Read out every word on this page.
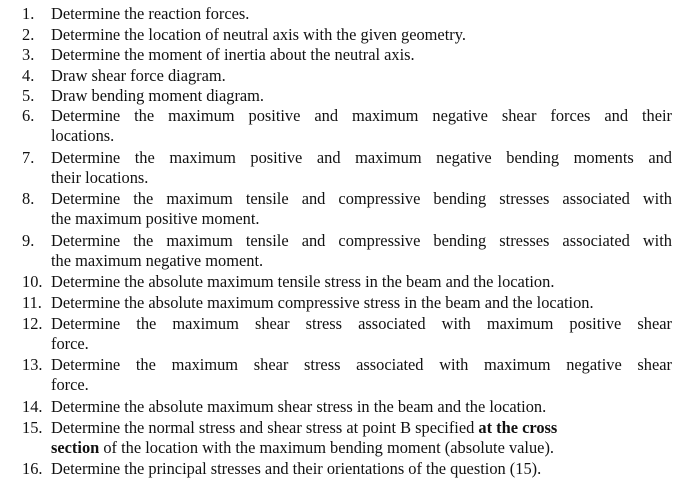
1.	Determine the reaction forces.
2.	Determine the location of neutral axis with the given geometry.
3.	Determine the moment of inertia about the neutral axis.
4.	Draw shear force diagram.
5.	Draw bending moment diagram.
6.	Determine the maximum positive and maximum negative shear forces and their
locations.
7.	Determine the maximum positive and maximum negative bending moments and
their locations.
8.	Determine the maximum tensile and compressive bending stresses associated with
the maximum positive moment.
9.	Determine the maximum tensile and compressive bending stresses associated with
the maximum negative moment.
10. Determine the absolute maximum tensile stress in the beam and the location.
11. Determine the absolute maximum compressive stress in the beam and the location.
12. Determine the maximum shear stress associated with maximum positive shear
force.
13. Determine the maximum shear stress associated with maximum negative shear
force.
14. Determine the absolute maximum shear stress in the beam and the location.
15. Determine the normal stress and shear stress at point B specified at the cross
section of the location with the maximum bending moment (absolute value).
16. Determine the principal stresses and their orientations of the question (15).
